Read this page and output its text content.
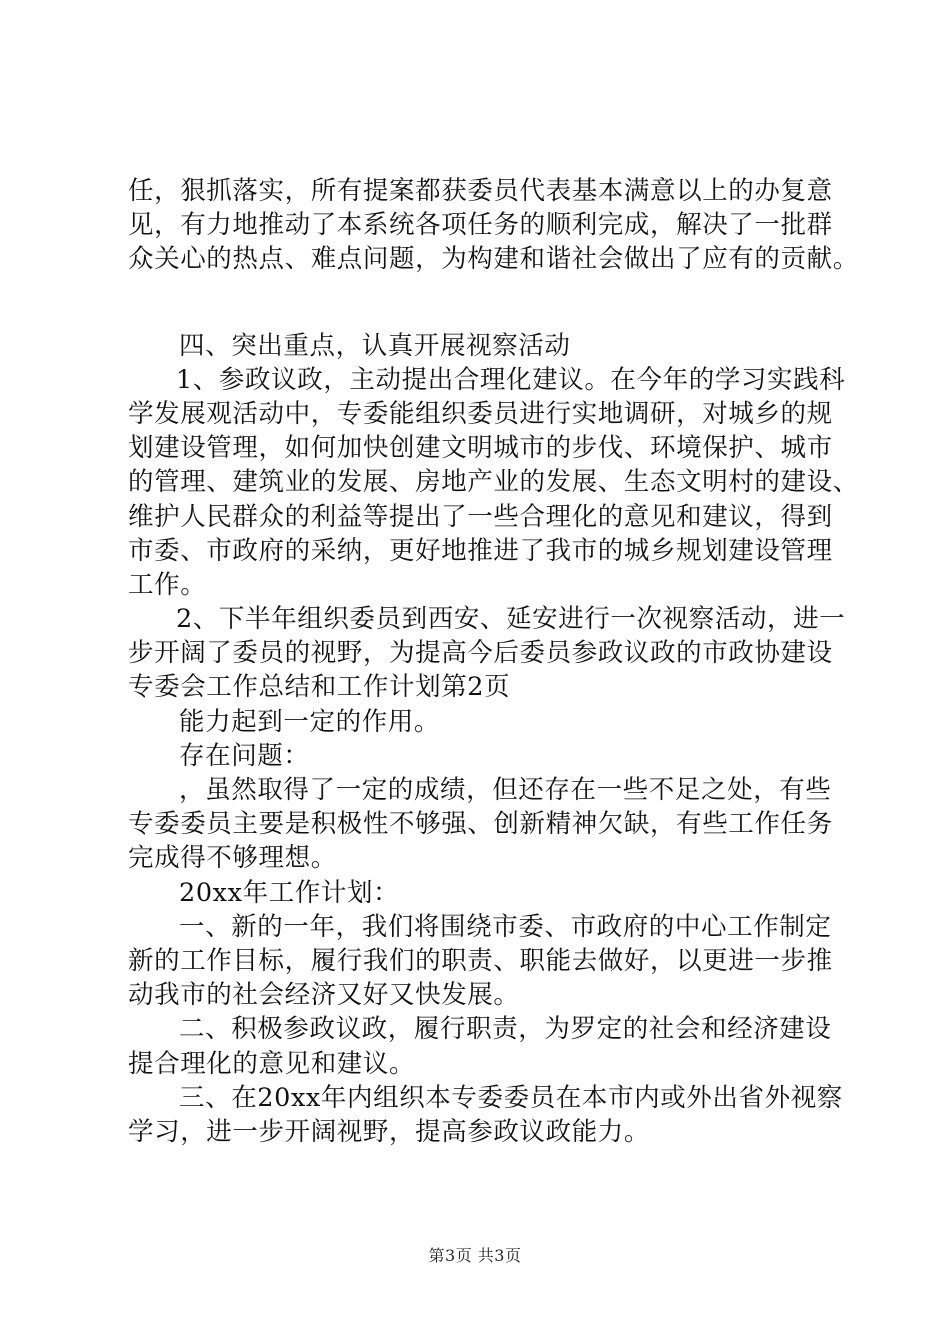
任，狠抓落实，所有提案都获委员代表基本满意以上的办复意
见，有力地推动了本系统各项任务的顺利完成，解决了一批群
众关心的热点、难点问题，为构建和谐社会做出了应有的贡献。
四、突出重点，认真开展视察活动
1、参政议政，主动提出合理化建议。在今年的学习实践科
学发展观活动中，专委能组织委员进行实地调研，对城乡的规
划建设管理，如何加快创建文明城市的步伐、环境保护、城市
的管理、建筑业的发展、房地产业的发展、生态文明村的建设、
维护人民群众的利益等提出了一些合理化的意见和建议，得到
市委、市政府的采纳，更好地推进了我市的城乡规划建设管理
工作。
2、下半年组织委员到西安、延安进行一次视察活动，进一
步开阔了委员的视野，为提高今后委员参政议政的市政协建设
专委会工作总结和工作计划第2页
能力起到一定的作用。
存在问题：
，虽然取得了一定的成绩，但还存在一些不足之处，有些
专委委员主要是积极性不够强、创新精神欠缺，有些工作任务
完成得不够理想。
20xx年工作计划：
一、新的一年，我们将围绕市委、市政府的中心工作制定
新的工作目标，履行我们的职责、职能去做好，以更进一步推
动我市的社会经济又好又快发展。
二、积极参政议政，履行职责，为罗定的社会和经济建设
提合理化的意见和建议。
三、在20xx年内组织本专委委员在本市内或外出省外视察
学习，进一步开阔视野，提高参政议政能力。
第3页 共3页
